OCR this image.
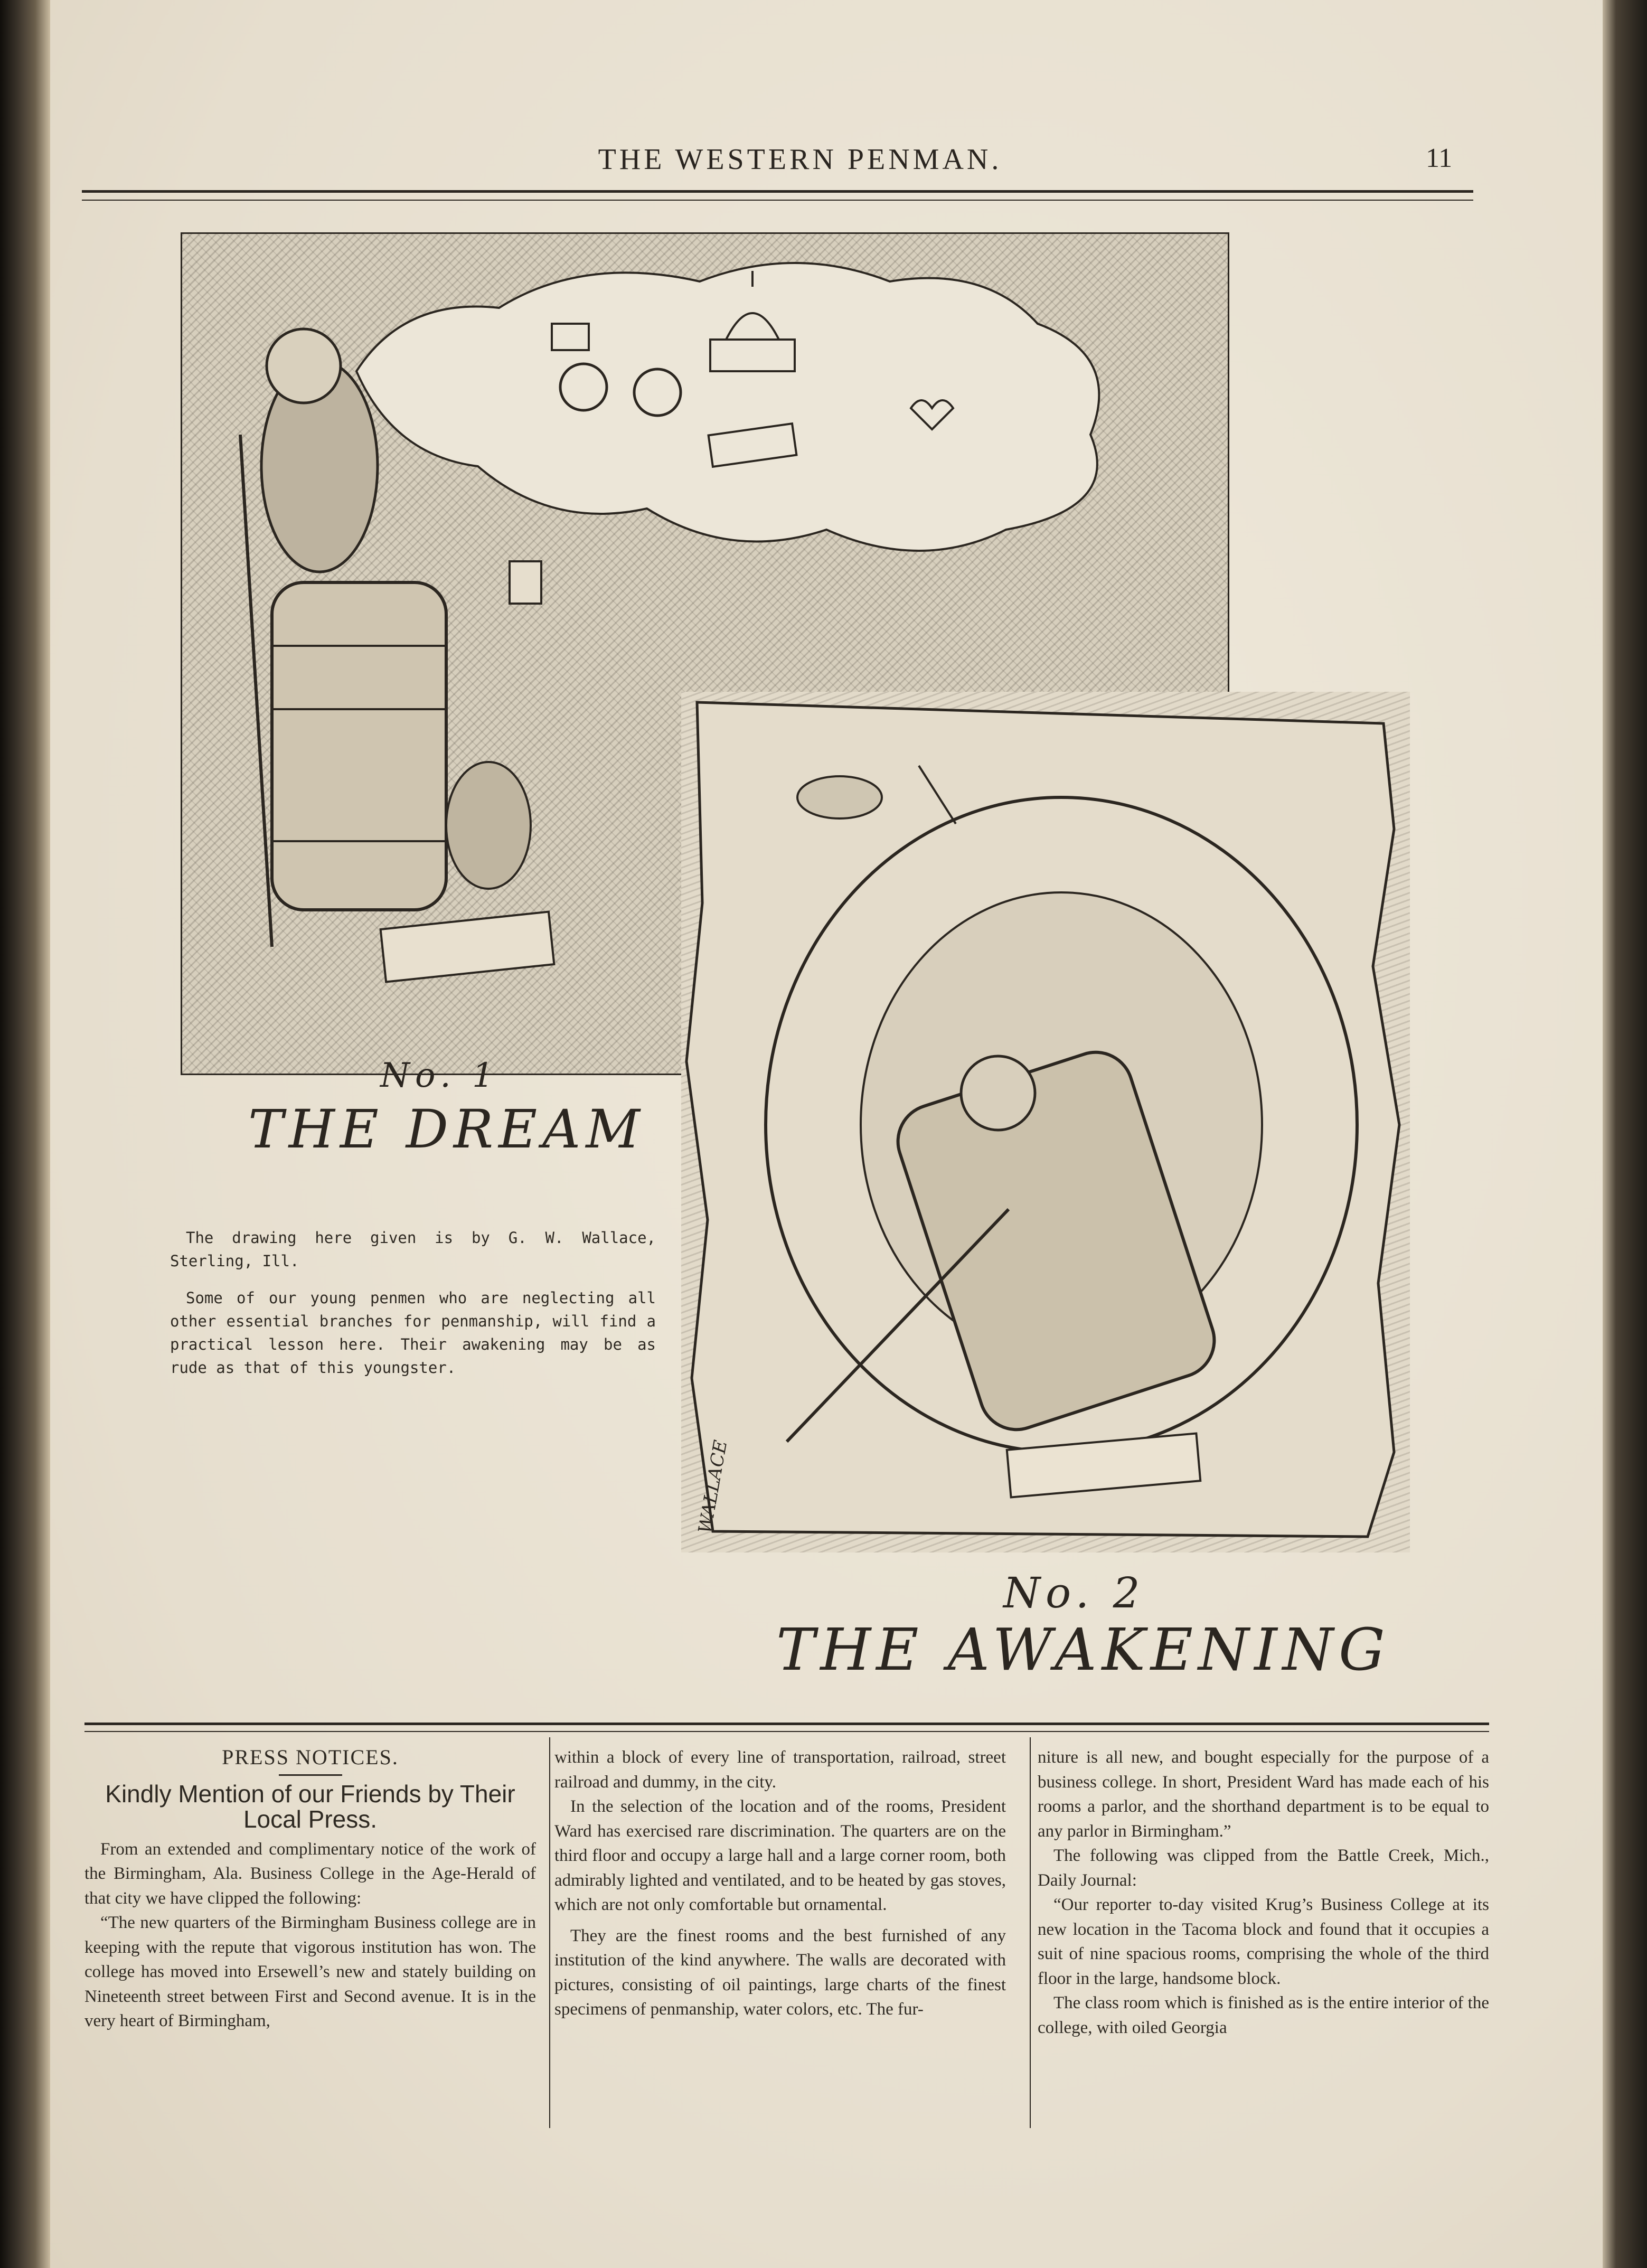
THE WESTERN PENMAN.	11
No. 1
THE DREAM
No. 2
THE AWAKENING
WALLACE

The drawing here given is by G. W. Wallace, Sterling, Ill.

Some of our young penmen who are neglecting all other essential branches for penmanship, will find a practical lesson here. Their awakening may be as rude as that of this youngster.

PRESS NOTICES.
Kindly Mention of our Friends by Their Local Press.

From an extended and complimentary notice of the work of the Birmingham, Ala. Business College in the Age-Herald of that city we have clipped the following:

“The new quarters of the Birmingham Business college are in keeping with the repute that vigorous institution has won. The college has moved into Ersewell’s new and stately building on Nineteenth street between First and Second avenue. It is in the very heart of Birmingham,

within a block of every line of transportation, railroad, street railroad and dummy, in the city.

In the selection of the location and of the rooms, President Ward has exercised rare discrimination. The quarters are on the third floor and occupy a large hall and a large corner room, both admirably lighted and ventilated, and to be heated by gas stoves, which are not only comfortable but ornamental.

They are the finest rooms and the best furnished of any institution of the kind anywhere. The walls are decorated with pictures, consisting of oil paintings, large charts of the finest specimens of penmanship, water colors, etc. The fur-

niture is all new, and bought especially for the purpose of a business college. In short, President Ward has made each of his rooms a parlor, and the shorthand department is to be equal to any parlor in Birmingham.”

The following was clipped from the Battle Creek, Mich., Daily Journal:

“Our reporter to-day visited Krug’s Business College at its new location in the Tacoma block and found that it occupies a suit of nine spacious rooms, comprising the whole of the third floor in the large, handsome block.

The class room which is finished as is the entire interior of the college, with oiled Georgia
